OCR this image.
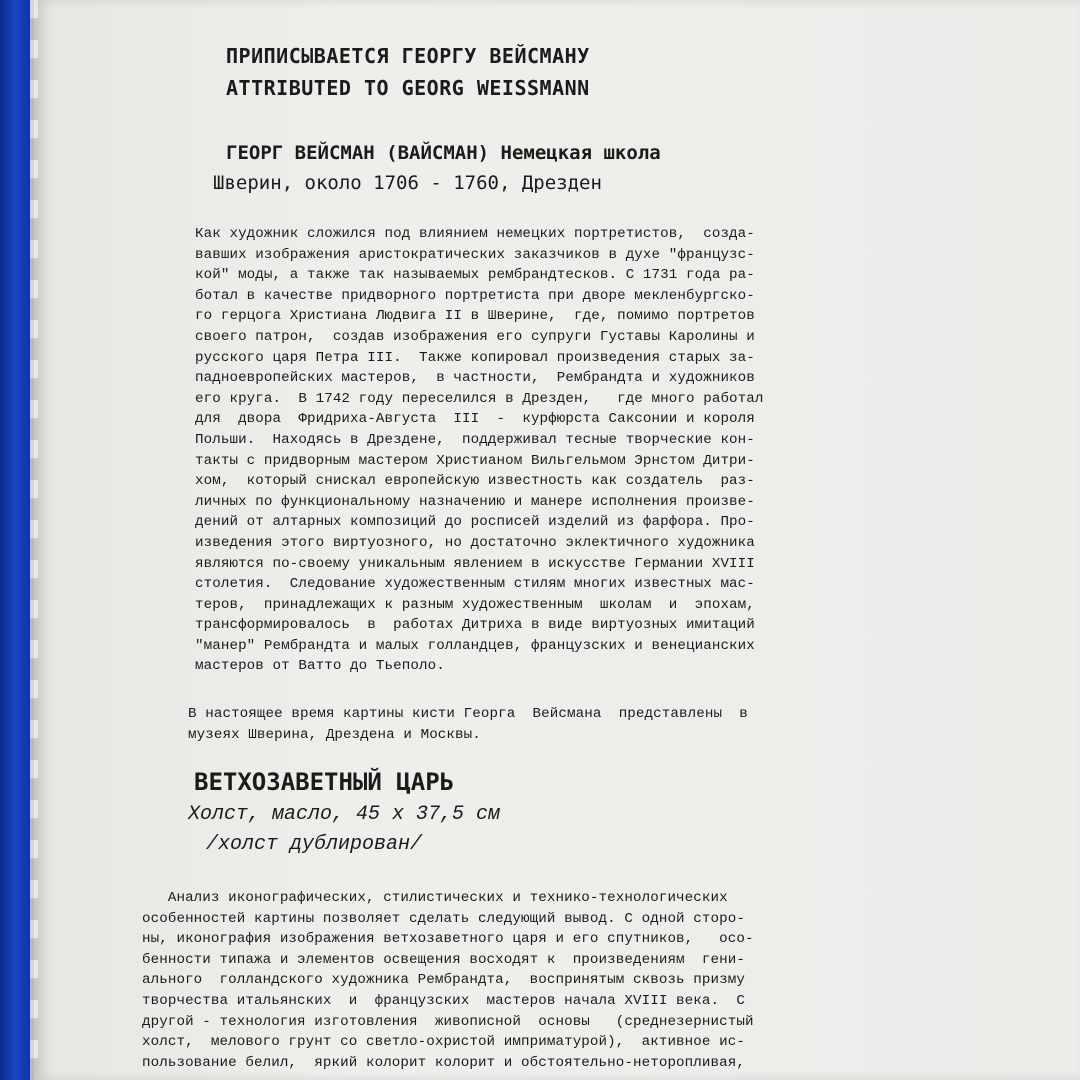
ПРИПИСЫВАЕТСЯ ГЕОРГУ ВЕЙСМАНУ
ATTRIBUTED TO GEORG WEISSMANN
ГЕОРГ ВЕЙСМАН (ВАЙСМАН) Немецкая школа
Шверин, около 1706 - 1760, Дрезден
Как художник сложился под влиянием немецких портретистов,  созда-
вавших изображения аристократических заказчиков в духе "французс-
кой" моды, а также так называемых рембрандтесков. С 1731 года ра-
ботал в качестве придворного портретиста при дворе мекленбургско-
го герцога Христиана Людвига II в Шверине,  где, помимо портретов
своего патрон,  создав изображения его супруги Густавы Каролины и
русского царя Петра III.  Также копировал произведения старых за-
падноевропейских мастеров,  в частности,  Рембрандта и художников
его круга.  В 1742 году переселился в Дрезден,   где много работал
для  двора  Фридриха-Августа  III  -  курфюрста Саксонии и короля
Польши.  Находясь в Дрездене,  поддерживал тесные творческие кон-
такты с придворным мастером Христианом Вильгельмом Эрнстом Дитри-
хом,  который снискал европейскую известность как создатель  раз-
личных по функциональному назначению и манере исполнения произве-
дений от алтарных композиций до росписей изделий из фарфора. Про-
изведения этого виртуозного, но достаточно эклектичного художника
являются по-своему уникальным явлением в искусстве Германии XVIII
столетия.  Следование художественным стилям многих известных мас-
теров,  принадлежащих к разным художественным  школам  и  эпохам,
трансформировалось  в  работах Дитриха в виде виртуозных имитаций
"манер" Рембрандта и малых голландцев, французских и венецианских
мастеров от Ватто до Тьеполо.
В настоящее время картины кисти Георга  Вейсмана  представлены  в
музеях Шверина, Дрездена и Москвы.
ВЕТХОЗАВЕТНЫЙ ЦАРЬ
Холст, масло, 45 х 37,5 см
/холст дублирован/
Анализ иконографических, стилистических и технико-технологических
особенностей картины позволяет сделать следующий вывод. С одной сторо-
ны, иконография изображения ветхозаветного царя и его спутников,   осо-
бенности типажа и элементов освещения восходят к  произведениям  гени-
ального  голландского художника Рембрандта,  воспринятым сквозь призму
творчества итальянских  и  французских  мастеров начала XVIII века.  С
другой - технология изготовления  живописной  основы   (среднезернистый
холст,  мелового грунт со светло-охристой имприматурой),  активное ис-
пользование белил,  яркий колорит колорит и обстоятельно-неторопливая,
